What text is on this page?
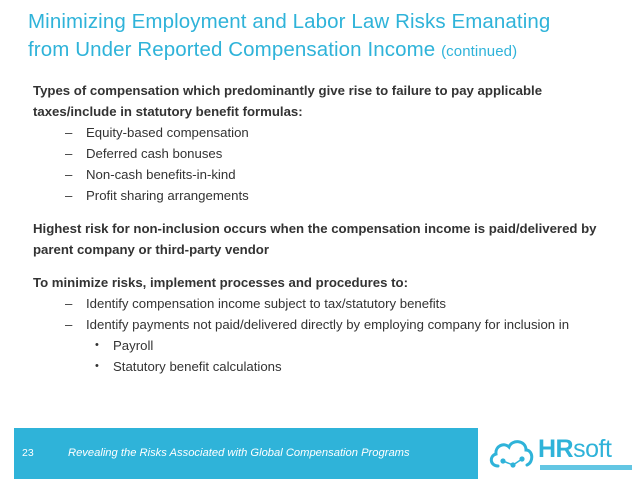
Minimizing Employment and Labor Law Risks Emanating
from Under Reported Compensation Income (continued)

Types of compensation which predominantly give rise to failure to pay applicable taxes/include in statutory benefit formulas:

– Equity-based compensation
– Deferred cash bonuses
– Non-cash benefits-in-kind
– Profit sharing arrangements

Highest risk for non-inclusion occurs when the compensation income is paid/delivered by parent company or third-party vendor

To minimize risks, implement processes and procedures to:

– Identify compensation income subject to tax/statutory benefits
– Identify payments not paid/delivered directly by employing company for inclusion in
• Payroll
• Statutory benefit calculations
23	Revealing the Risks Associated with Global Compensation Programs	HRsoft
